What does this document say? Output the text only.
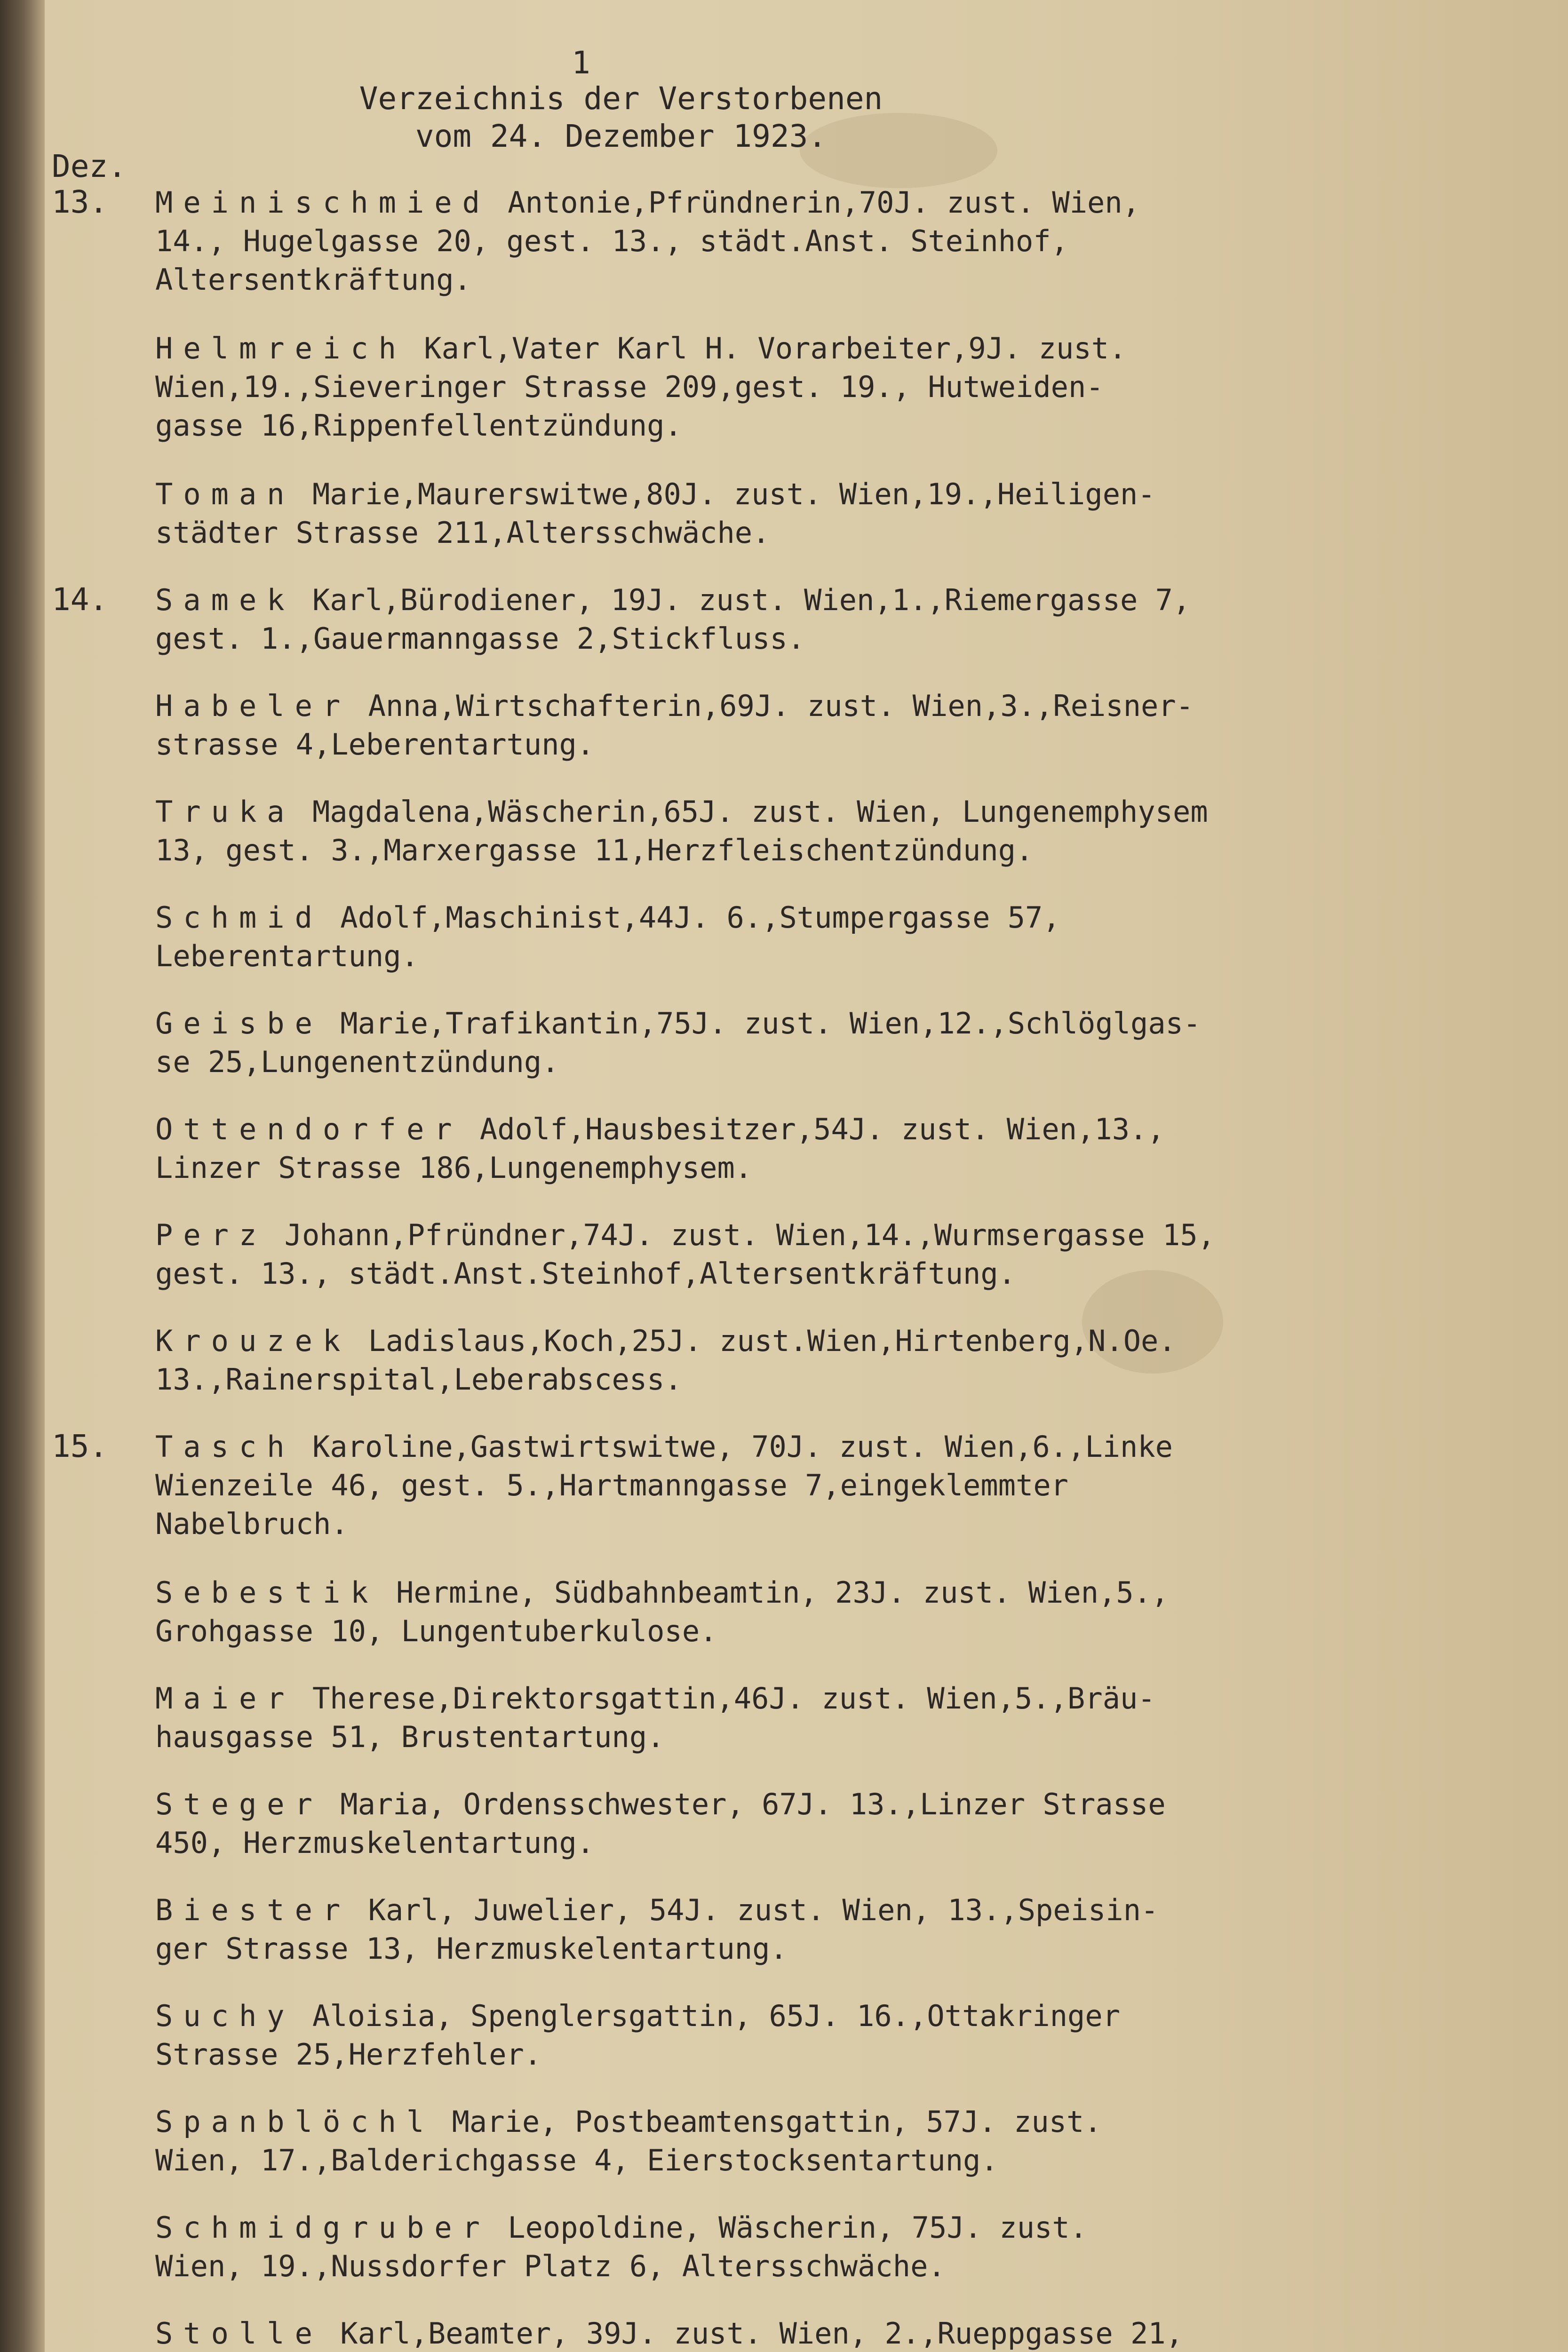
1
Verzeichnis der Verstorbenen
vom 24. Dezember 1923.
Dez.
13.	Meinischmied Antonie,Pfründnerin,70J. zust. Wien,
14., Hugelgasse 20, gest. 13., städt.Anst. Steinhof,
Altersentkräftung.
Helmreich Karl,Vater Karl H. Vorarbeiter,9J. zust.
Wien,19.,Sieveringer Strasse 209,gest. 19., Hutweiden-
gasse 16,Rippenfellentzündung.
Toman Marie,Maurerswitwe,80J. zust. Wien,19.,Heiligen-
städter Strasse 211,Altersschwäche.
14.	Samek Karl,Bürodiener, 19J. zust. Wien,1.,Riemergasse 7,
gest. 1.,Gauermanngasse 2,Stickfluss.
Habeler Anna,Wirtschafterin,69J. zust. Wien,3.,Reisner-
strasse 4,Leberentartung.
Truka Magdalena,Wäscherin,65J. zust. Wien, Lungenemphysem
13, gest. 3.,Marxergasse 11,Herzfleischentzündung.
Schmid Adolf,Maschinist,44J. 6.,Stumpergasse 57,
Leberentartung.
Geisbe Marie,Trafikantin,75J. zust. Wien,12.,Schlöglgas-
se 25,Lungenentzündung.
Ottendorfer Adolf,Hausbesitzer,54J. zust. Wien,13.,
Linzer Strasse 186,Lungenemphysem.
Perz Johann,Pfründner,74J. zust. Wien,14.,Wurmsergasse 15,
gest. 13., städt.Anst.Steinhof,Altersentkräftung.
Krouzek Ladislaus,Koch,25J. zust.Wien,Hirtenberg,N.Oe.
13.,Rainerspital,Leberabscess.
15.	Tasch Karoline,Gastwirtswitwe, 70J. zust. Wien,6.,Linke
Wienzeile 46, gest. 5.,Hartmanngasse 7,eingeklemmter
Nabelbruch.
Sebestik Hermine, Südbahnbeamtin, 23J. zust. Wien,5.,
Grohgasse 10, Lungentuberkulose.
Maier Therese,Direktorsgattin,46J. zust. Wien,5.,Bräu-
hausgasse 51, Brustentartung.
Steger Maria, Ordensschwester, 67J. 13.,Linzer Strasse
450, Herzmuskelentartung.
Biester Karl, Juwelier, 54J. zust. Wien, 13.,Speisin-
ger Strasse 13, Herzmuskelentartung.
Suchy Aloisia, Spenglersgattin, 65J. 16.,Ottakringer
Strasse 25,Herzfehler.
Spanblöchl Marie, Postbeamtensgattin, 57J. zust.
Wien, 17.,Balderichgasse 4, Eierstocksentartung.
Schmidgruber Leopoldine, Wäscherin, 75J. zust.
Wien, 19.,Nussdorfer Platz 6, Altersschwäche.
Stolle Karl,Beamter, 39J. zust. Wien, 2.,Rueppgasse 21,
